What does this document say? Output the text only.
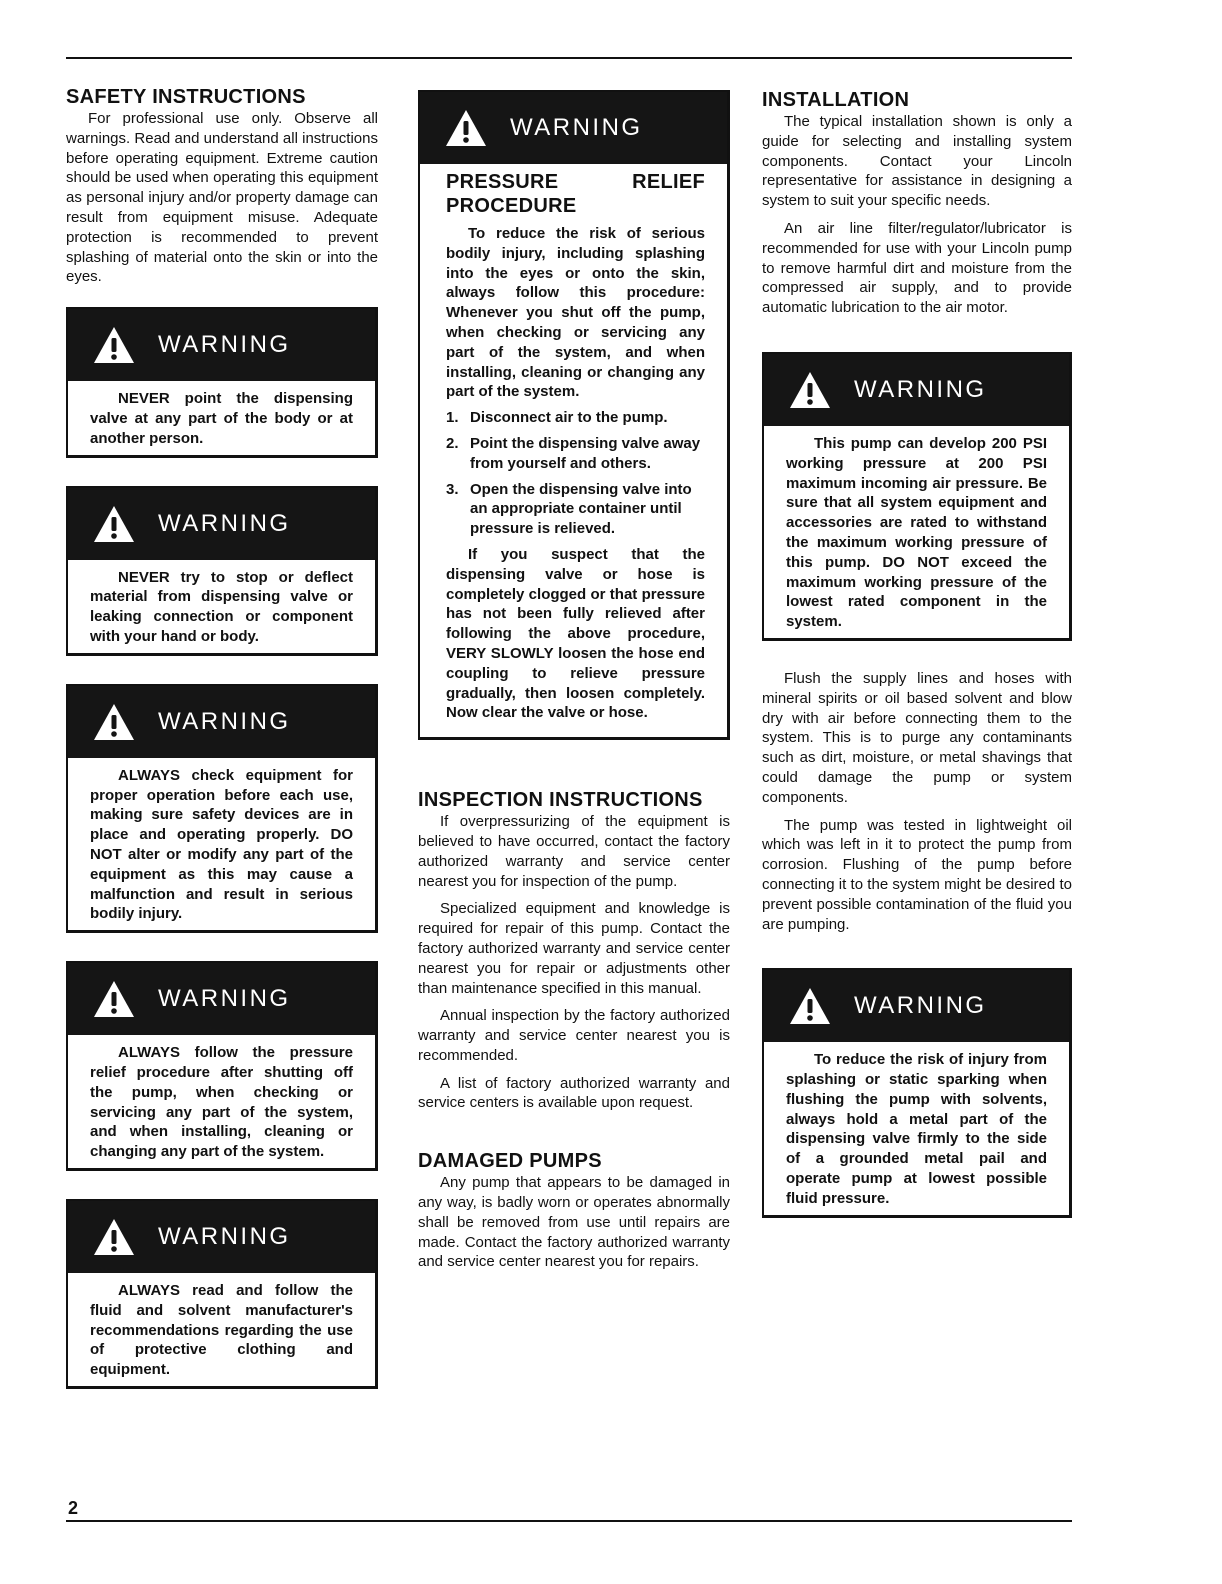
SAFETY INSTRUCTIONS

For professional use only. Observe all warnings. Read and understand all instructions before operating equipment. Extreme caution should be used when operating this equipment as personal injury and/or property damage can result from equipment misuse. Adequate protection is recommended to prevent splashing of material onto the skin or into the eyes.

WARNING
NEVER point the dispensing valve at any part of the body or at another person.
WARNING
NEVER try to stop or deflect material from dispensing valve or leaking connection or component with your hand or body.
WARNING
ALWAYS check equipment for proper operation before each use, making sure safety devices are in place and operating properly. DO NOT alter or modify any part of the equipment as this may cause a malfunction and result in serious bodily injury.
WARNING
ALWAYS follow the pressure relief procedure after shutting off the pump, when checking or servicing any part of the system, and when installing, cleaning or changing any part of the system.
WARNING
ALWAYS read and follow the fluid and solvent manufacturer's recommendations regarding the use of protective clothing and equipment.
WARNING
PRESSURE RELIEF PROCEDURE
To reduce the risk of serious bodily injury, including splashing into the eyes or onto the skin, always follow this procedure: Whenever you shut off the pump, when checking or servicing any part of the system, and when installing, cleaning or changing any part of the system.
1. Disconnect air to the pump.
2. Point the dispensing valve away from yourself and others.
3. Open the dispensing valve into an appropriate container until pressure is relieved.
If you suspect that the dispensing valve or hose is completely clogged or that pressure has not been fully relieved after following the above procedure, VERY SLOWLY loosen the hose end coupling to relieve pressure gradually, then loosen completely. Now clear the valve or hose.
INSPECTION INSTRUCTIONS

If overpressurizing of the equipment is believed to have occurred, contact the factory authorized warranty and service center nearest you for inspection of the pump.

Specialized equipment and knowledge is required for repair of this pump. Contact the factory authorized warranty and service center nearest you for repair or adjustments other than maintenance specified in this manual.

Annual inspection by the factory authorized warranty and service center nearest you is recommended.

A list of factory authorized warranty and service centers is available upon request.

DAMAGED PUMPS

Any pump that appears to be damaged in any way, is badly worn or operates abnormally shall be removed from use until repairs are made. Contact the factory authorized warranty and service center nearest you for repairs.

INSTALLATION

The typical installation shown is only a guide for selecting and installing system components. Contact your Lincoln representative for assistance in designing a system to suit your specific needs.

An air line filter/regulator/lubricator is recommended for use with your Lincoln pump to remove harmful dirt and moisture from the compressed air supply, and to provide automatic lubrication to the air motor.

WARNING
This pump can develop 200 PSI working pressure at 200 PSI maximum incoming air pressure. Be sure that all system equipment and accessories are rated to withstand the maximum working pressure of this pump. DO NOT exceed the maximum working pressure of the lowest rated component in the system.

Flush the supply lines and hoses with mineral spirits or oil based solvent and blow dry with air before connecting them to the system. This is to purge any contaminants such as dirt, moisture, or metal shavings that could damage the pump or system components.

The pump was tested in lightweight oil which was left in it to protect the pump from corrosion. Flushing of the pump before connecting it to the system might be desired to prevent possible contamination of the fluid you are pumping.

WARNING
To reduce the risk of injury from splashing or static sparking when flushing the pump with solvents, always hold a metal part of the dispensing valve firmly to the side of a grounded metal pail and operate pump at lowest possible fluid pressure.
2
